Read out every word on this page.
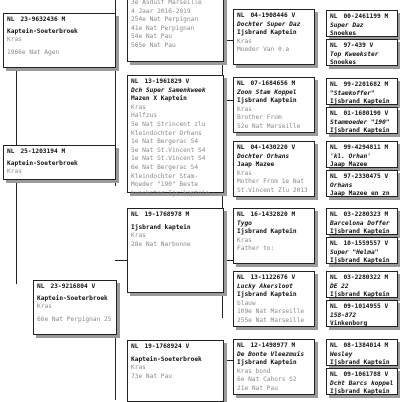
NL 23-9632436 M
Kaptein-Soeterbroek
Kras
1966e Nat Agen
NL 25-1203194 M
Kaptein-Soeterbroek
Kras
NL 23-9216804 V
Kaptein-Soeterbroek
Kras
66e Nat Perpignan 25
3e Asduif Marseille
4 Jaar 2016-2019
254e Nat Perpignan
41e Nat Perpignan
54e Nat Pau
565e Nat Pau
NL 13-1961829 V
Dch Super Samenkweek
Mazen X Kaptein
Kras
Halfzus
5e Nat Strincent zlu
Kleindochter Orhans
1e Nat Bergerac S4
5e Nat St.Vincent S4
1e Nat St.Vincent S4
6e Nat Bergerac S4
Kleindochter Stam-
Moeder "190" Beste
kweekster Ijs kaptein
NL 19-1768978 M
Ijsbrand kaptein
Kras
28e Nat Narbonne
NL 19-1768924 V
Kaptein-Soeterbroek
Kras
73e Nat Pau
NL 04-1908446 V
Dochter Super Daz
Ijsbrand Kaptein
Kras
Moeder Van 0.a
NL 07-1684656 M
Zoon Stam Koppel
Ijsbrand Kaptein
Kras
Brother From
52e Nat Marseille
NL 04-1430220 V
Dochter Orhans
Jaap Mazee
Kras
Mother From 1e Nat
St.Vincent Zlu 2013
NL 16-1432820 M
Tygo
Ijsbrand Kaptein
Kras
Father to:
NL 13-1122676 V
Lucky Akersloot
Ijsbrand Kaptein
blauw
109e Nat Marseille
255e Nat Marseille
NL 12-1498977 M
De Bonte Vleezmuis
Ijsbrand Kaptein
Kras bond
6e Nat Cahors S2
21e Nat Pau
NL 00-2461199 M
Super Daz
Snoekes
NL 97-439 V
Top Kweekster
Snoekes
NL 99-2201682 M
"Stamkoffer"
Ijsbrand Kaptein
NL 01-1680190 V
Stammoeder "190"
Ijsbrand Kaptein
NL 99-4294811 M
'kl. Orhan'
Jaap Mazee
NL 97-2330475 V
Orhans
Jaap Mazee en zn
NL 03-2280323 M
Barcelona Doffer
Ijsbrand Kaptein
NL 10-1559557 V
Super "Helma"
Ijsbrand Kaptein
NL 03-2280322 M
DE 22
Ijsbrand Kaptein
NL 09-1014955 V
158-872
Vinkenborg
NL 08-1384014 M
Wesley
Ijsbrand Kaptein
NL 09-1061788 V
Dcht Barcs koppel
Ijsbrand Kaptein
